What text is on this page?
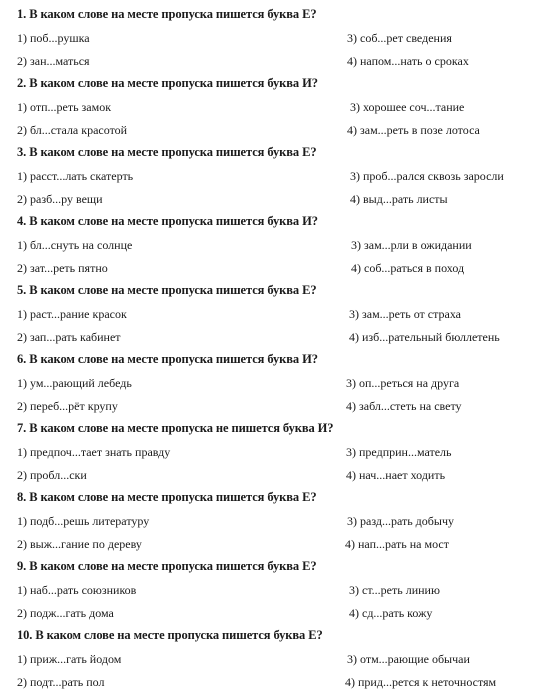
1. В каком слове на месте пропуска пишется буква Е?
1) поб...рушка
2) зан...маться
3) соб...рет сведения
4) напом...нать о сроках
2. В каком слове на месте пропуска пишется буква И?
1) отп...реть замок
2) бл...стала красотой
3) хорошее соч...тание
4) зам...реть в позе лотоса
3. В каком слове на месте пропуска пишется буква Е?
1) расст...лать скатерть
2) разб...ру вещи
3) проб...рался сквозь заросли
4) выд...рать листы
4. В каком слове на месте пропуска пишется буква И?
1) бл...снуть на солнце
2) зат...реть пятно
3) зам...рли в ожидании
4) соб...раться в поход
5. В каком слове на месте пропуска пишется буква Е?
1) раст...рание красок
2) зап...рать кабинет
3) зам...реть от страха
4) изб...рательный бюллетень
6. В каком слове на месте пропуска пишется буква И?
1) ум...рающий лебедь
2) переб...рёт крупу
3) оп...реться на друга
4) забл...стеть на свету
7. В каком слове на месте пропуска не пишется буква И?
1) предпоч...тает знать правду
2) пробл...ски
3) предприн...матель
4) нач...нает ходить
8. В каком слове на месте пропуска пишется буква Е?
1) подб...решь литературу
2) выж...гание по дереву
3) разд...рать добычу
4) нап...рать на мост
9. В каком слове на месте пропуска пишется буква Е?
1) наб...рать союзников
2) подж...гать дома
3) ст...реть линию
4) сд...рать кожу
10. В каком слове на месте пропуска пишется буква Е?
1) приж...гать йодом
2) подт...рать пол
3) отм...рающие обычаи
4) прид...рется к неточностям
